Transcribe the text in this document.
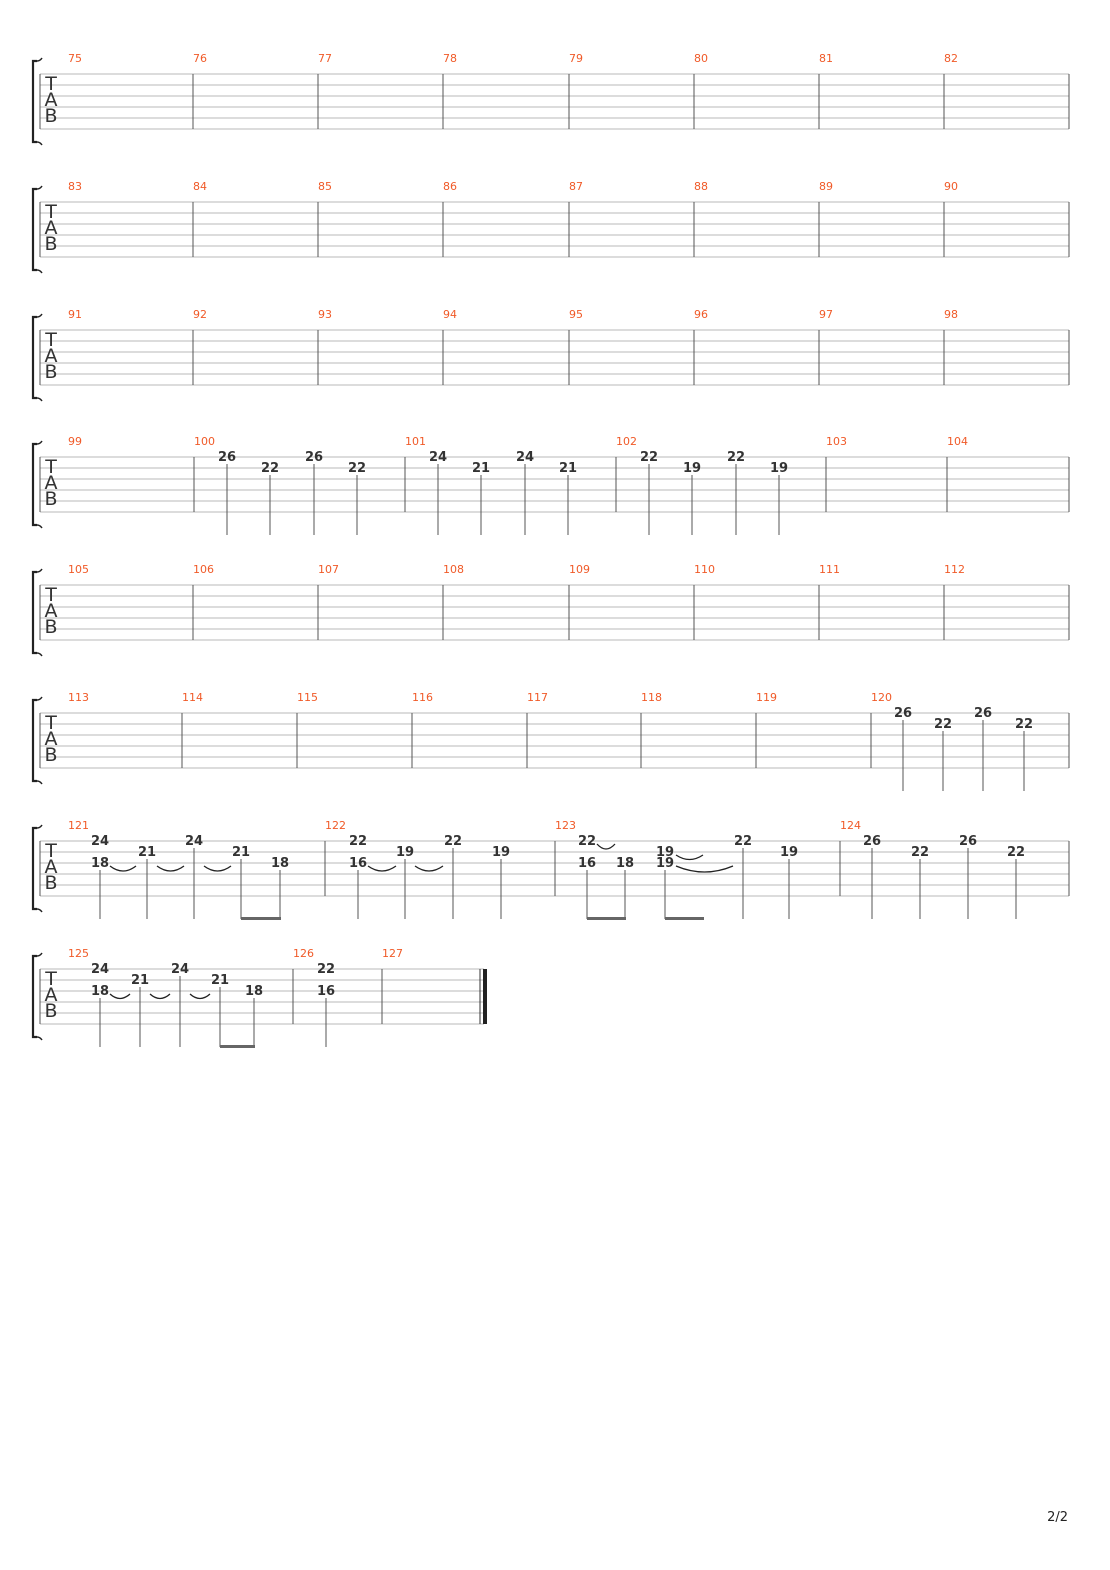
T
A
B
75	76	77	78	79	80	81	82
T
A
B
83	84	85	86	87	88	89	90
T
A
B
91	92	93	94	95	96	97	98
T
A
B
99	100
26
22
26
22
101
24
21
24
21
102
22
19
22
19
103	104
T
A
B
105	106	107	108	109	110	111	112
T
A
B
113	114	115	116	117	118	119	120
26
22
26
22
T
A
B
121
24
18
21
24
21
18
122
22
16
19
22
19
123
22
16 18
19
19
22
19
124
26
22
26
22
T
A
B
125
24
18
21
24
21
18
126
22
16
127
2/2
